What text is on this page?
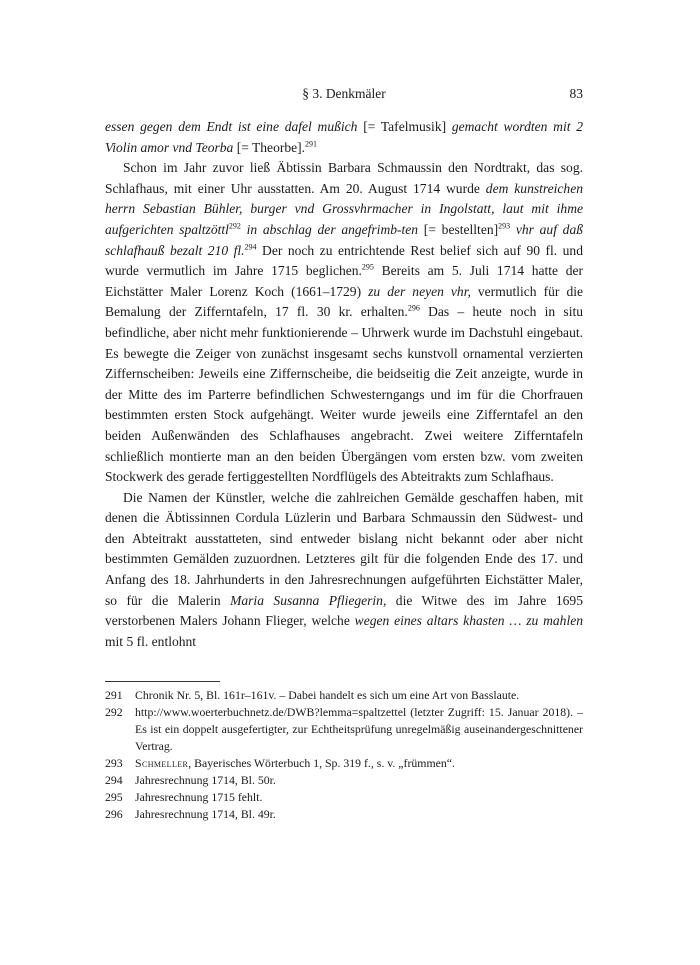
§ 3. Denkmäler	83

essen gegen dem Endt ist eine dafel mußich [= Tafelmusik] gemacht wordten mit 2 Violin amor vnd Teorba [= Theorbe].$^{291}$

Schon im Jahr zuvor ließ Äbtissin Barbara Schmaussin den Nordtrakt, das sog. Schlafhaus, mit einer Uhr ausstatten. Am 20. August 1714 wurde dem kunstreichen herrn Sebastian Bühler, burger vnd Grossvhrmacher in Ingolstatt, laut mit ihme aufgerichten spaltzöttl$^{292}$ in abschlag der angefrimb-ten [= bestellten]$^{293}$ vhr auf daß schlafhauß bezalt 210 fl.$^{294}$ Der noch zu entrichtende Rest belief sich auf 90 fl. und wurde vermutlich im Jahre 1715 beglichen.$^{295}$ Bereits am 5. Juli 1714 hatte der Eichstätter Maler Lorenz Koch (1661–1729) zu der neyen vhr, vermutlich für die Bemalung der Zifferntafeln, 17 fl. 30 kr. erhalten.$^{296}$ Das – heute noch in situ befindliche, aber nicht mehr funktionierende – Uhrwerk wurde im Dachstuhl eingebaut. Es bewegte die Zeiger von zunächst insgesamt sechs kunstvoll ornamental verzierten Ziffernscheiben: Jeweils eine Ziffernscheibe, die beidseitig die Zeit anzeigte, wurde in der Mitte des im Parterre befindlichen Schwesterngangs und im für die Chorfrauen bestimmten ersten Stock aufgehängt. Weiter wurde jeweils eine Zifferntafel an den beiden Außenwänden des Schlafhauses angebracht. Zwei weitere Zifferntafeln schließlich montierte man an den beiden Übergängen vom ersten bzw. vom zweiten Stockwerk des gerade fertiggestellten Nordflügels des Abteitrakts zum Schlafhaus.

Die Namen der Künstler, welche die zahlreichen Gemälde geschaffen haben, mit denen die Äbtissinnen Cordula Lüzlerin und Barbara Schmaussin den Südwest- und den Abteitrakt ausstatteten, sind entweder bislang nicht bekannt oder aber nicht bestimmten Gemälden zuzuordnen. Letzteres gilt für die folgenden Ende des 17. und Anfang des 18. Jahrhunderts in den Jahresrechnungen aufgeführten Eichstätter Maler, so für die Malerin Maria Susanna Pfliegerin, die Witwe des im Jahre 1695 verstorbenen Malers Johann Flieger, welche wegen eines altars khasten … zu mahlen mit 5 fl. entlohnt

291 Chronik Nr. 5, Bl. 161r–161v. – Dabei handelt es sich um eine Art von Basslaute.
292 http://www.woerterbuchnetz.de/DWB?lemma=spaltzettel (letzter Zugriff: 15. Januar 2018). – Es ist ein doppelt ausgefertigter, zur Echtheitsprüfung unregelmäßig auseinandergeschnittener Vertrag.
293 Schmeller, Bayerisches Wörterbuch 1, Sp. 319 f., s. v. „frümmen“.
294 Jahresrechnung 1714, Bl. 50r.
295 Jahresrechnung 1715 fehlt.
296 Jahresrechnung 1714, Bl. 49r.
